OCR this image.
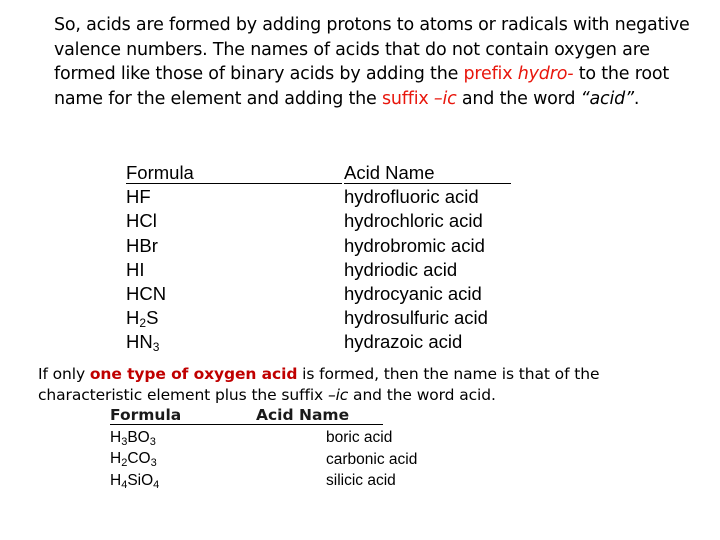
So, acids are formed by adding protons to atoms or radicals with negative valence numbers. The names of acids that do not contain oxygen are formed like those of binary acids by adding the prefix hydro- to the root name for the element and adding the suffix –ic and the word “acid”.
Formula
HF
HCl
HBr
HI
HCN
$H_2S$
$HN_3$
Acid Name
hydrofluoric acid
hydrochloric acid
hydrobromic acid
hydriodic acid
hydrocyanic acid
hydrosulfuric acid
hydrazoic acid
If only one type of oxygen acid is formed, then the name is that of the characteristic element plus the suffix –ic and the word acid.
Formula
$H_3BO_3$
$H_2CO_3$
$H_4SiO_4$
Acid Name
boric acid
carbonic acid
silicic acid
